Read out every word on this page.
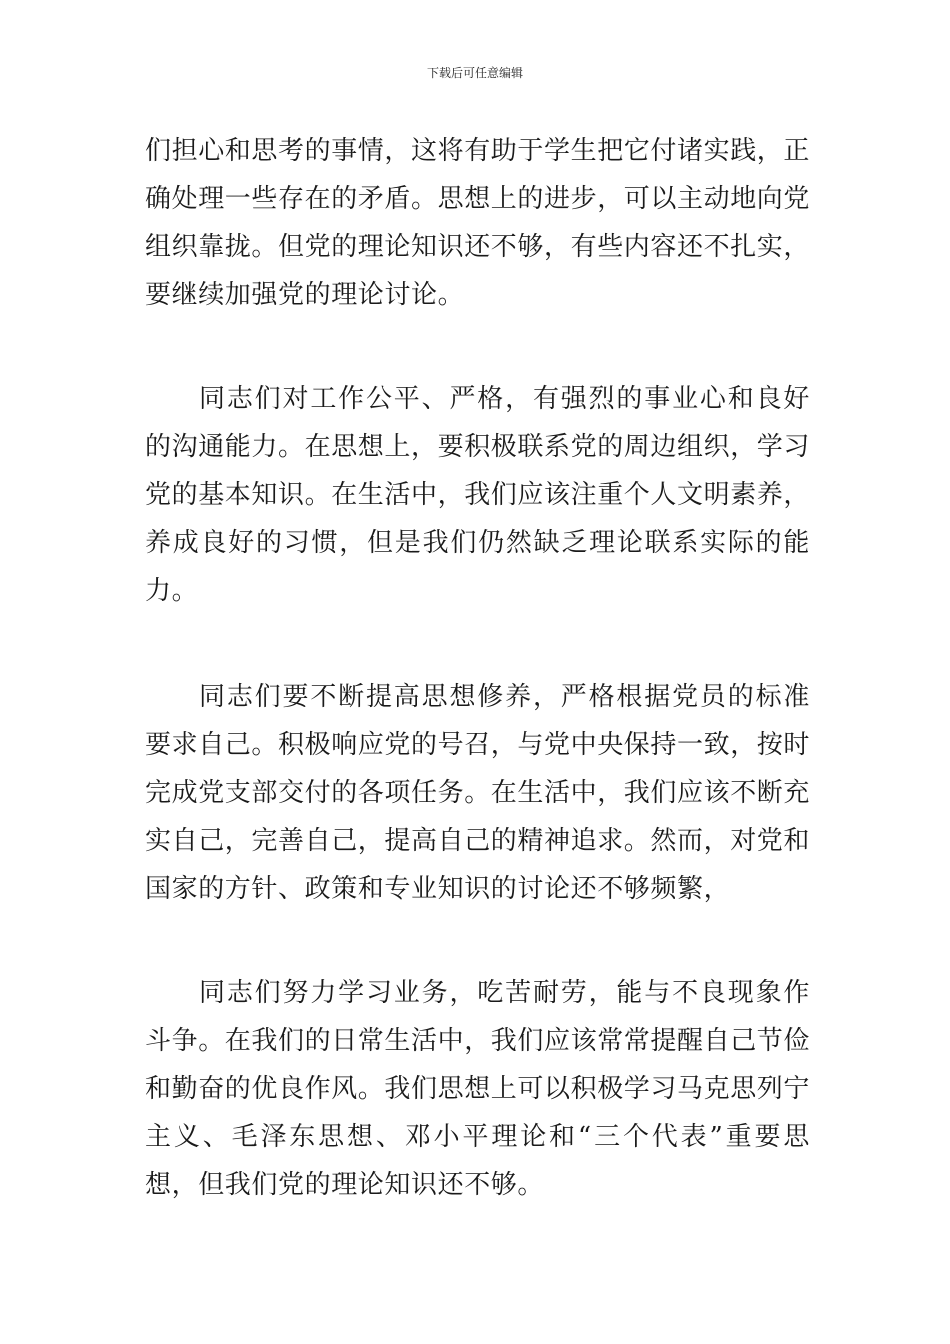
下载后可任意编辑

们担心和思考的事情，这将有助于学生把它付诸实践，正确处理一些存在的矛盾。思想上的进步，可以主动地向党组织靠拢。但党的理论知识还不够，有些内容还不扎实，要继续加强党的理论讨论。

同志们对工作公平、严格，有强烈的事业心和良好的沟通能力。在思想上，要积极联系党的周边组织，学习党的基本知识。在生活中，我们应该注重个人文明素养，养成良好的习惯，但是我们仍然缺乏理论联系实际的能力。

同志们要不断提高思想修养，严格根据党员的标准要求自己。积极响应党的号召，与党中央保持一致，按时完成党支部交付的各项任务。在生活中，我们应该不断充实自己，完善自己，提高自己的精神追求。然而，对党和国家的方针、政策和专业知识的讨论还不够频繁，

同志们努力学习业务，吃苦耐劳，能与不良现象作斗争。在我们的日常生活中，我们应该常常提醒自己节俭和勤奋的优良作风。我们思想上可以积极学习马克思列宁主义、毛泽东思想、邓小平理论和“三个代表”重要思想，但我们党的理论知识还不够。
